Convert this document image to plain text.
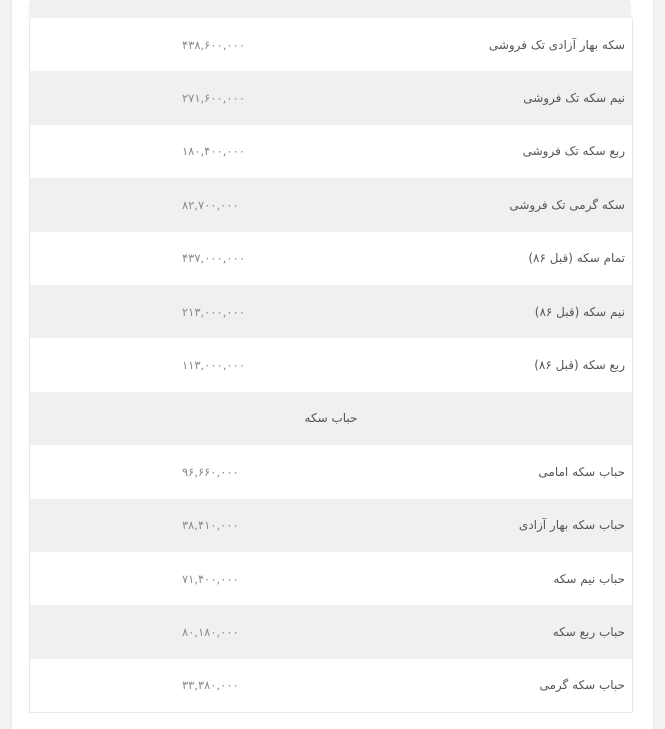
سکه بهار آزادی تک فروشی
۴۳۸,۶۰۰,۰۰۰
نیم سکه تک فروشی
۲۷۱,۶۰۰,۰۰۰
ربع سکه تک فروشی
۱۸۰,۴۰۰,۰۰۰
سکه گرمی تک فروشی
۸۲,۷۰۰,۰۰۰
تمام سکه (قبل ۸۶)
۴۳۷,۰۰۰,۰۰۰
نیم سکه (قبل ۸۶)
۲۱۳,۰۰۰,۰۰۰
ربع سکه (قبل ۸۶)
۱۱۳,۰۰۰,۰۰۰
حباب سکه
حباب سکه امامی
۹۶,۶۶۰,۰۰۰
حباب سکه بهار آزادی
۳۸,۴۱۰,۰۰۰
حباب نیم سکه
۷۱,۴۰۰,۰۰۰
حباب ربع سکه
۸۰,۱۸۰,۰۰۰
حباب سکه گرمی
۳۳,۳۸۰,۰۰۰
